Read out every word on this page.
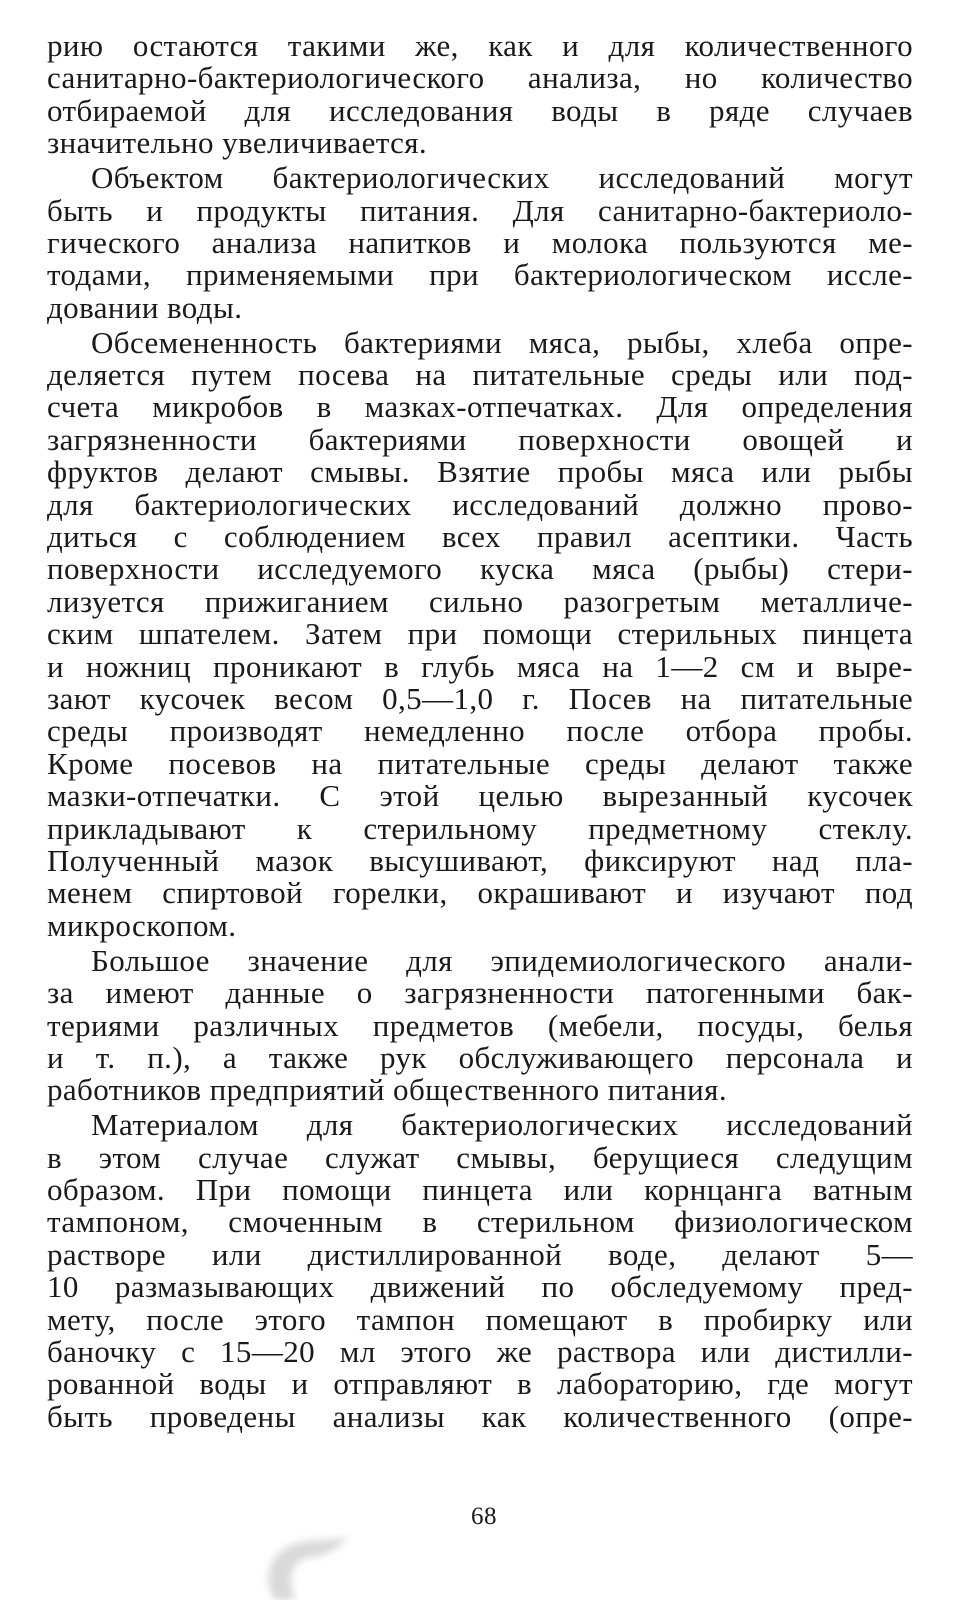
рию остаются такими же, как и для количественного
санитарно-бактериологического анализа, но количество
отбираемой для исследования воды в ряде случаев
значительно увеличивается.
Объектом бактериологических исследований могут
быть и продукты питания. Для санитарно-бактериоло-
гического анализа напитков и молока пользуются ме-
тодами, применяемыми при бактериологическом иссле-
довании воды.
Обсемененность бактериями мяса, рыбы, хлеба опре-
деляется путем посева на питательные среды или под-
счета микробов в мазках-отпечатках. Для определения
загрязненности бактериями поверхности овощей и
фруктов делают смывы. Взятие пробы мяса или рыбы
для бактериологических исследований должно прово-
диться с соблюдением всех правил асептики. Часть
поверхности исследуемого куска мяса (рыбы) стери-
лизуется прижиганием сильно разогретым металличе-
ским шпателем. Затем при помощи стерильных пинцета
и ножниц проникают в глубь мяса на 1—2 см и выре-
зают кусочек весом 0,5—1,0 г. Посев на питательные
среды производят немедленно после отбора пробы.
Кроме посевов на питательные среды делают также
мазки-отпечатки. С этой целью вырезанный кусочек
прикладывают к стерильному предметному стеклу.
Полученный мазок высушивают, фиксируют над пла-
менем спиртовой горелки, окрашивают и изучают под
микроскопом.
Большое значение для эпидемиологического анали-
за имеют данные о загрязненности патогенными бак-
териями различных предметов (мебели, посуды, белья
и т. п.), а также рук обслуживающего персонала и
работников предприятий общественного питания.
Материалом для бактериологических исследований
в этом случае служат смывы, берущиеся следущим
образом. При помощи пинцета или корнцанга ватным
тампоном, смоченным в стерильном физиологическом
растворе или дистиллированной воде, делают 5—
10 размазывающих движений по обследуемому пред-
мету, после этого тампон помещают в пробирку или
баночку с 15—20 мл этого же раствора или дистилли-
рованной воды и отправляют в лабораторию, где могут
быть проведены анализы как количественного (опре-
68
